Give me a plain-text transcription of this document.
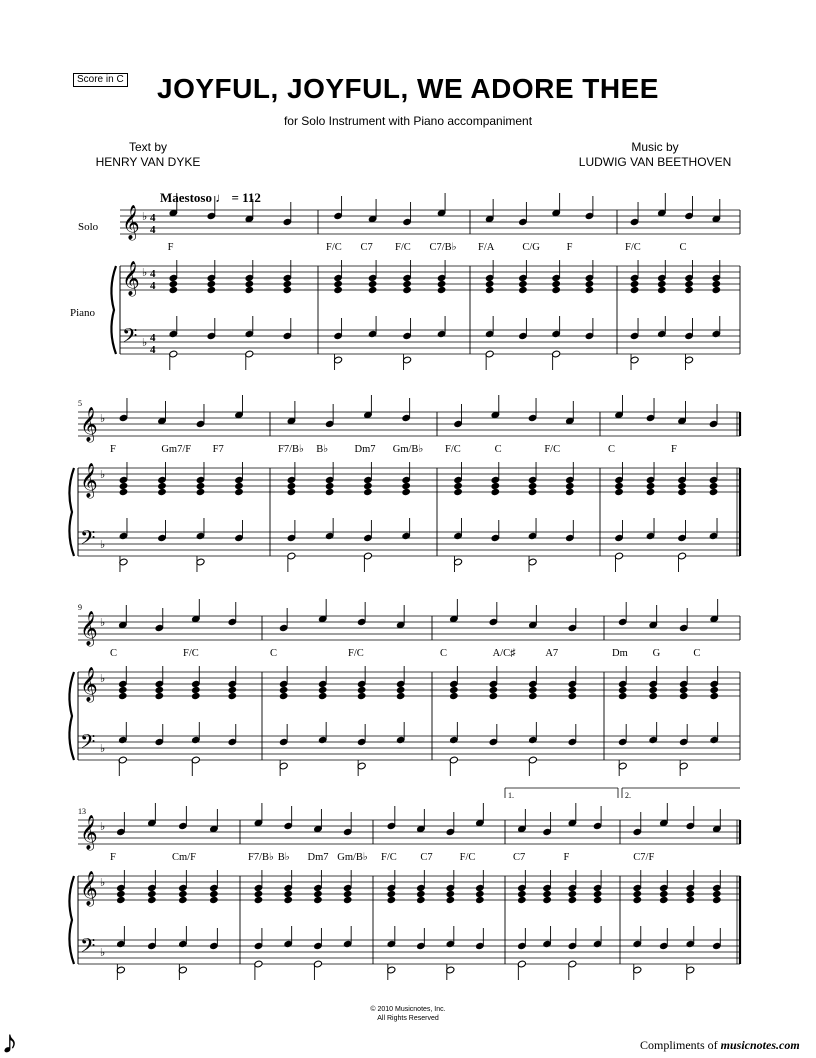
Score in C	JOYFUL, JOYFUL, WE ADORE THEE
for Solo Instrument with Piano accompaniment
Text by
HENRY VAN DYKE
Music by
LUDWIG VAN BEETHOVEN
Maestoso ♩ = 112
Solo
Piano
𝄞
𝄞
𝄢
♭
♭
♭
4
4
4
4
4
4
F	F/C C7 F/C C7/B♭ F/A	C/G	F	F/C	C
𝄞
𝄞
𝄢
♭
♭
♭
5
F	Gm7/F F7	F7/B♭ B♭	Dm7 Gm/B♭ F/C	C	F/C	C	F
𝄞
𝄞
𝄢
♭
♭
♭
9
C	F/C	C	F/C	C	A/C♯	A7	Dm G	C
𝄞
𝄞
𝄢
♭
♭
♭
13
F	Cm/F	F7/B♭ B♭ Dm7 Gm/B♭ F/C C7	F/C	C7	F	C7/F
1.	2.
© 2010 Musicnotes, Inc.
All Rights Reserved
𝅘𝅥𝅮	Compliments of musicnotes.com
